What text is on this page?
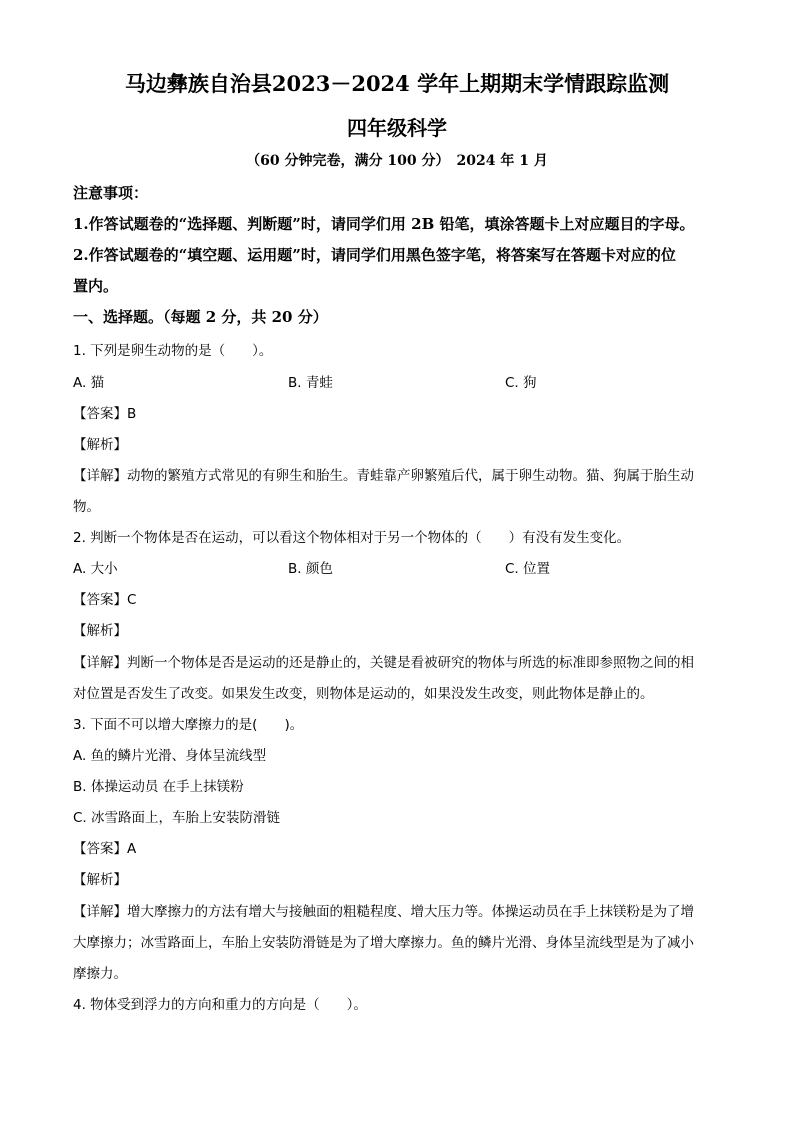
马边彝族自治县2023－2024 学年上期期末学情跟踪监测
四年级科学
（60 分钟完卷，满分 100 分）　2024 年 1 月
注意事项：
1.作答试题卷的“选择题、判断题”时，请同学们用 2B 铅笔，填涂答题卡上对应题目的字母。
2.作答试题卷的“填空题、运用题”时，请同学们用黑色签字笔，将答案写在答题卡对应的位
置内。
一、选择题。（每题 2 分，共 20 分）
1. 下列是卵生动物的是（　　）。
A. 猫	B. 青蛙	C. 狗
【答案】B
【解析】
【详解】动物的繁殖方式常见的有卵生和胎生。青蛙靠产卵繁殖后代，属于卵生动物。猫、狗属于胎生动
物。
2. 判断一个物体是否在运动，可以看这个物体相对于另一个物体的（　　）有没有发生变化。
A. 大小	B. 颜色	C. 位置
【答案】C
【解析】
【详解】判断一个物体是否是运动的还是静止的，关键是看被研究的物体与所选的标准即参照物之间的相
对位置是否发生了改变。如果发生改变，则物体是运动的，如果没发生改变，则此物体是静止的。
3. 下面不可以增大摩擦力的是(　　)。
A. 鱼的鳞片光滑、身体呈流线型
B. 体操运动员 在手上抹镁粉
C. 冰雪路面上，车胎上安装防滑链
【答案】A
【解析】
【详解】增大摩擦力的方法有增大与接触面的粗糙程度、增大压力等。体操运动员在手上抹镁粉是为了增
大摩擦力；冰雪路面上，车胎上安装防滑链是为了增大摩擦力。鱼的鳞片光滑、身体呈流线型是为了减小
摩擦力。
4. 物体受到浮力的方向和重力的方向是（　　）。
